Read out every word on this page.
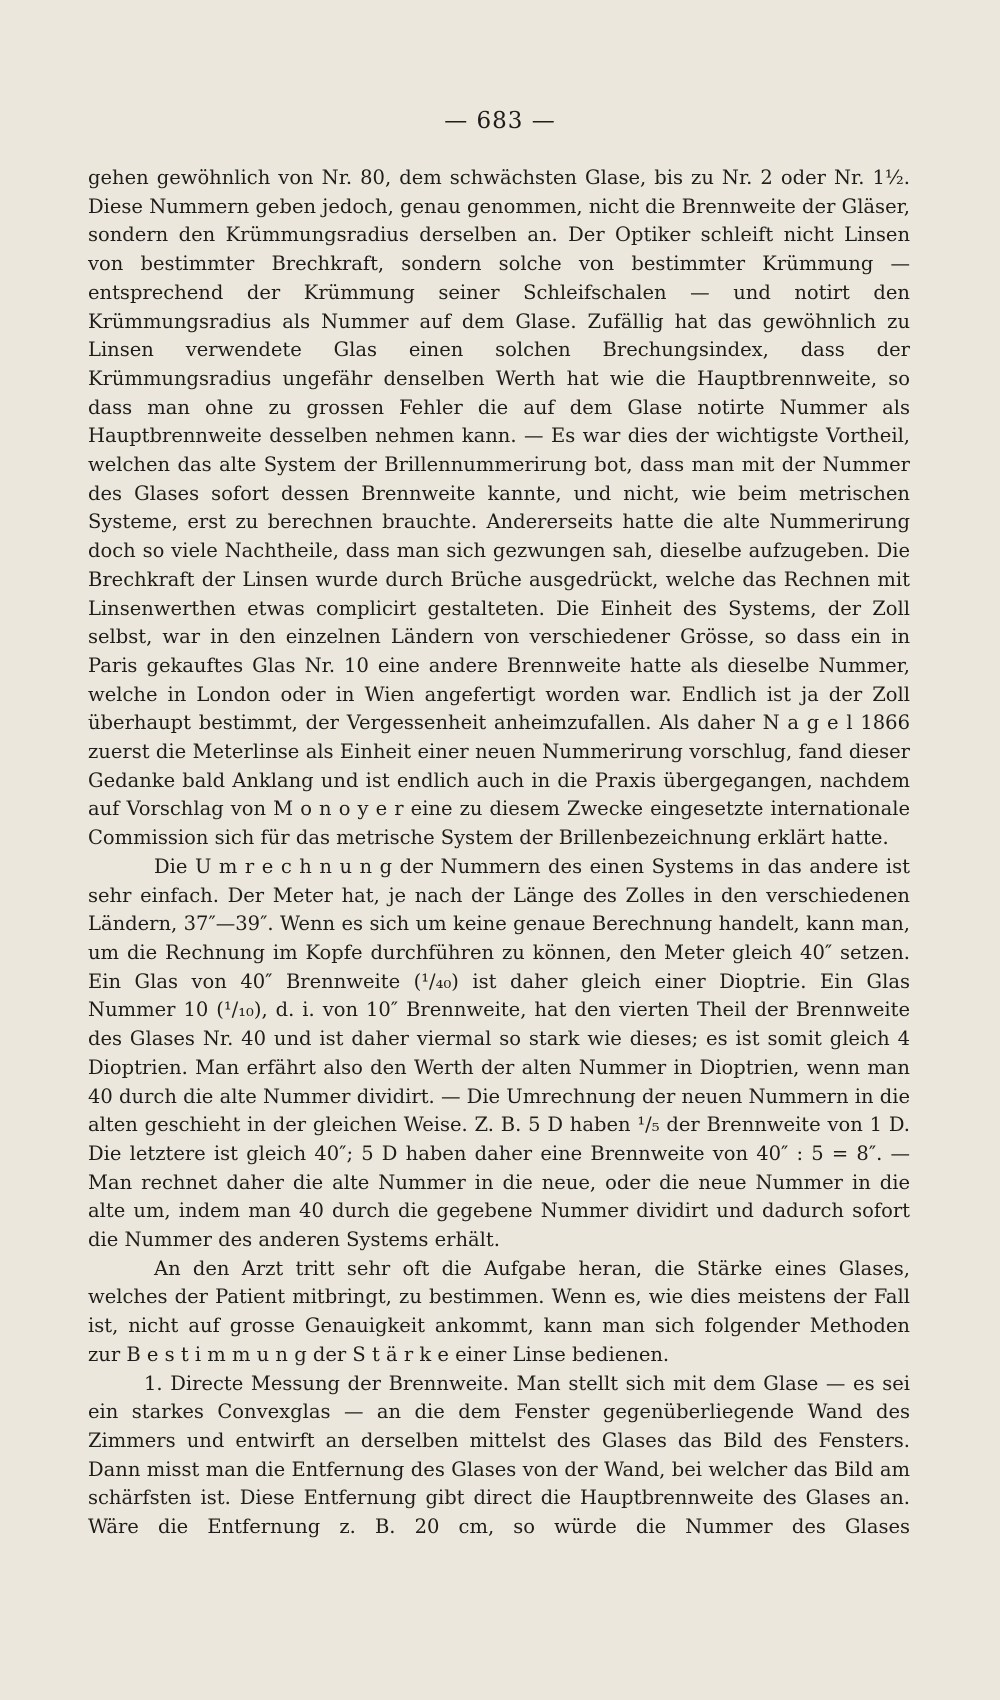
— 683 —

gehen gewöhnlich von Nr. 80, dem schwächsten Glase, bis zu Nr. 2 oder Nr. 1½. Diese Nummern geben jedoch, genau genommen, nicht die Brennweite der Gläser, sondern den Krümmungsradius derselben an. Der Optiker schleift nicht Linsen von bestimmter Brechkraft, sondern solche von bestimmter Krümmung — entsprechend der Krümmung seiner Schleifschalen — und notirt den Krümmungsradius als Nummer auf dem Glase. Zufällig hat das gewöhnlich zu Linsen verwendete Glas einen solchen Brechungsindex, dass der Krümmungsradius ungefähr denselben Werth hat wie die Hauptbrennweite, so dass man ohne zu grossen Fehler die auf dem Glase notirte Nummer als Hauptbrennweite desselben nehmen kann. — Es war dies der wichtigste Vortheil, welchen das alte System der Brillennummerirung bot, dass man mit der Nummer des Glases sofort dessen Brennweite kannte, und nicht, wie beim metrischen Systeme, erst zu berechnen brauchte. Andererseits hatte die alte Nummerirung doch so viele Nachtheile, dass man sich gezwungen sah, dieselbe aufzugeben. Die Brechkraft der Linsen wurde durch Brüche ausgedrückt, welche das Rechnen mit Linsenwerthen etwas complicirt gestalteten. Die Einheit des Systems, der Zoll selbst, war in den einzelnen Ländern von verschiedener Grösse, so dass ein in Paris gekauftes Glas Nr. 10 eine andere Brennweite hatte als dieselbe Nummer, welche in London oder in Wien angefertigt worden war. Endlich ist ja der Zoll überhaupt bestimmt, der Vergessenheit anheimzufallen. Als daher N a g e l 1866 zuerst die Meterlinse als Einheit einer neuen Nummerirung vorschlug, fand dieser Gedanke bald Anklang und ist endlich auch in die Praxis übergegangen, nachdem auf Vorschlag von M o n o y e r eine zu diesem Zwecke eingesetzte internationale Commission sich für das metrische System der Brillenbezeichnung erklärt hatte.

Die U m r e c h n u n g der Nummern des einen Systems in das andere ist sehr einfach. Der Meter hat, je nach der Länge des Zolles in den verschiedenen Ländern, 37″—39″. Wenn es sich um keine genaue Berechnung handelt, kann man, um die Rechnung im Kopfe durchführen zu können, den Meter gleich 40″ setzen. Ein Glas von 40″ Brennweite (¹/₄₀) ist daher gleich einer Dioptrie. Ein Glas Nummer 10 (¹/₁₀), d. i. von 10″ Brennweite, hat den vierten Theil der Brennweite des Glases Nr. 40 und ist daher viermal so stark wie dieses; es ist somit gleich 4 Dioptrien. Man erfährt also den Werth der alten Nummer in Dioptrien, wenn man 40 durch die alte Nummer dividirt. — Die Umrechnung der neuen Nummern in die alten geschieht in der gleichen Weise. Z. B. 5 D haben ¹/₅ der Brennweite von 1 D. Die letztere ist gleich 40″; 5 D haben daher eine Brennweite von 40″ : 5 = 8″. — Man rechnet daher die alte Nummer in die neue, oder die neue Nummer in die alte um, indem man 40 durch die gegebene Nummer dividirt und dadurch sofort die Nummer des anderen Systems erhält.

An den Arzt tritt sehr oft die Aufgabe heran, die Stärke eines Glases, welches der Patient mitbringt, zu bestimmen. Wenn es, wie dies meistens der Fall ist, nicht auf grosse Genauigkeit ankommt, kann man sich folgender Methoden zur B e s t i m m u n g der S t ä r k e einer Linse bedienen.

1. Directe Messung der Brennweite. Man stellt sich mit dem Glase — es sei ein starkes Convexglas — an die dem Fenster gegenüberliegende Wand des Zimmers und entwirft an derselben mittelst des Glases das Bild des Fensters. Dann misst man die Entfernung des Glases von der Wand, bei welcher das Bild am schärfsten ist. Diese Entfernung gibt direct die Hauptbrennweite des Glases an. Wäre die Entfernung z. B. 20 cm, so würde die Nummer des Glases
